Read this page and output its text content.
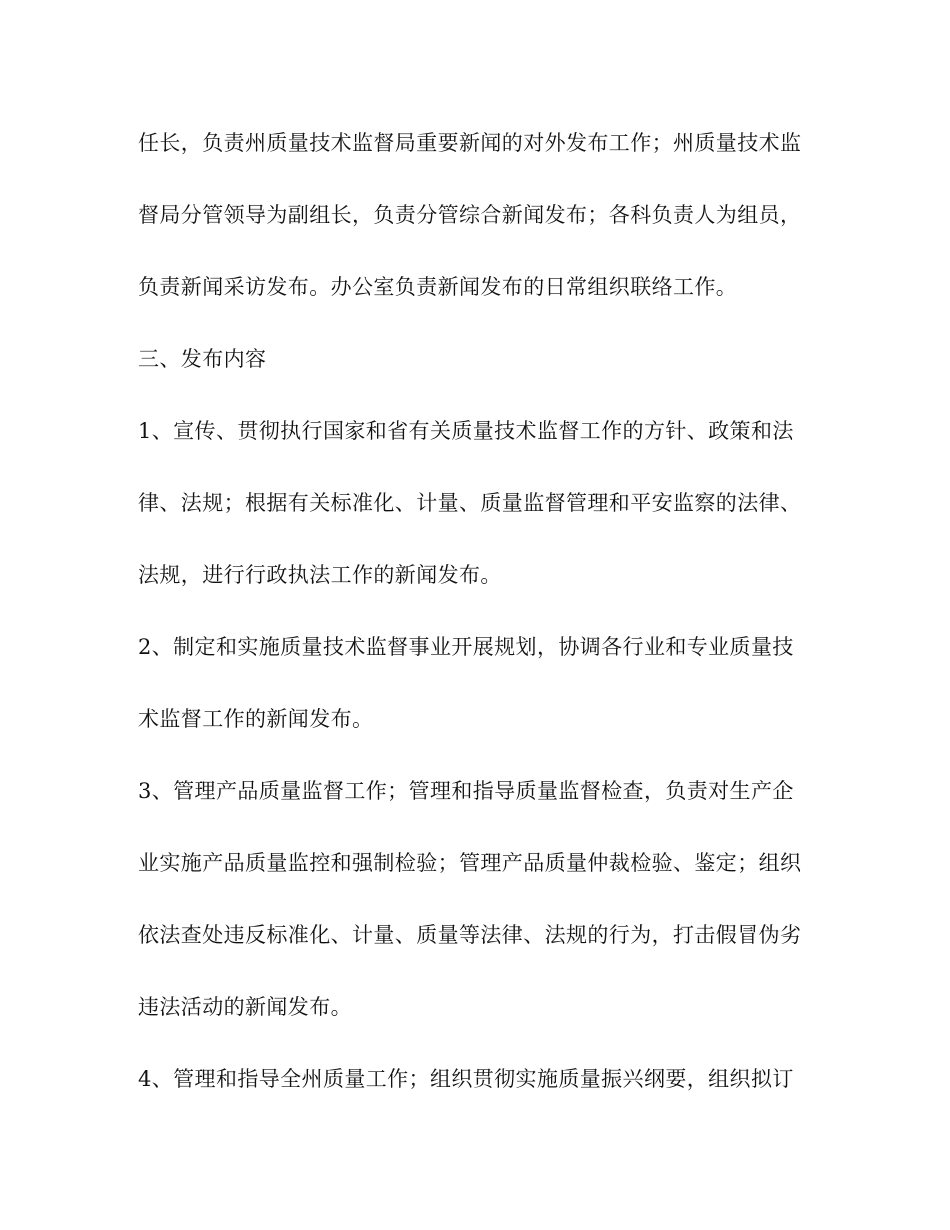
任长，负责州质量技术监督局重要新闻的对外发布工作；州质量技术监
督局分管领导为副组长，负责分管综合新闻发布；各科负责人为组员，
负责新闻采访发布。办公室负责新闻发布的日常组织联络工作。
三、发布内容
1、宣传、贯彻执行国家和省有关质量技术监督工作的方针、政策和法
律、法规；根据有关标准化、计量、质量监督管理和平安监察的法律、
法规，进行行政执法工作的新闻发布。
2、制定和实施质量技术监督事业开展规划，协调各行业和专业质量技
术监督工作的新闻发布。
3、管理产品质量监督工作；管理和指导质量监督检查，负责对生产企
业实施产品质量监控和强制检验；管理产品质量仲裁检验、鉴定；组织
依法查处违反标准化、计量、质量等法律、法规的行为，打击假冒伪劣
违法活动的新闻发布。
4、管理和指导全州质量工作；组织贯彻实施质量振兴纲要，组织拟订
